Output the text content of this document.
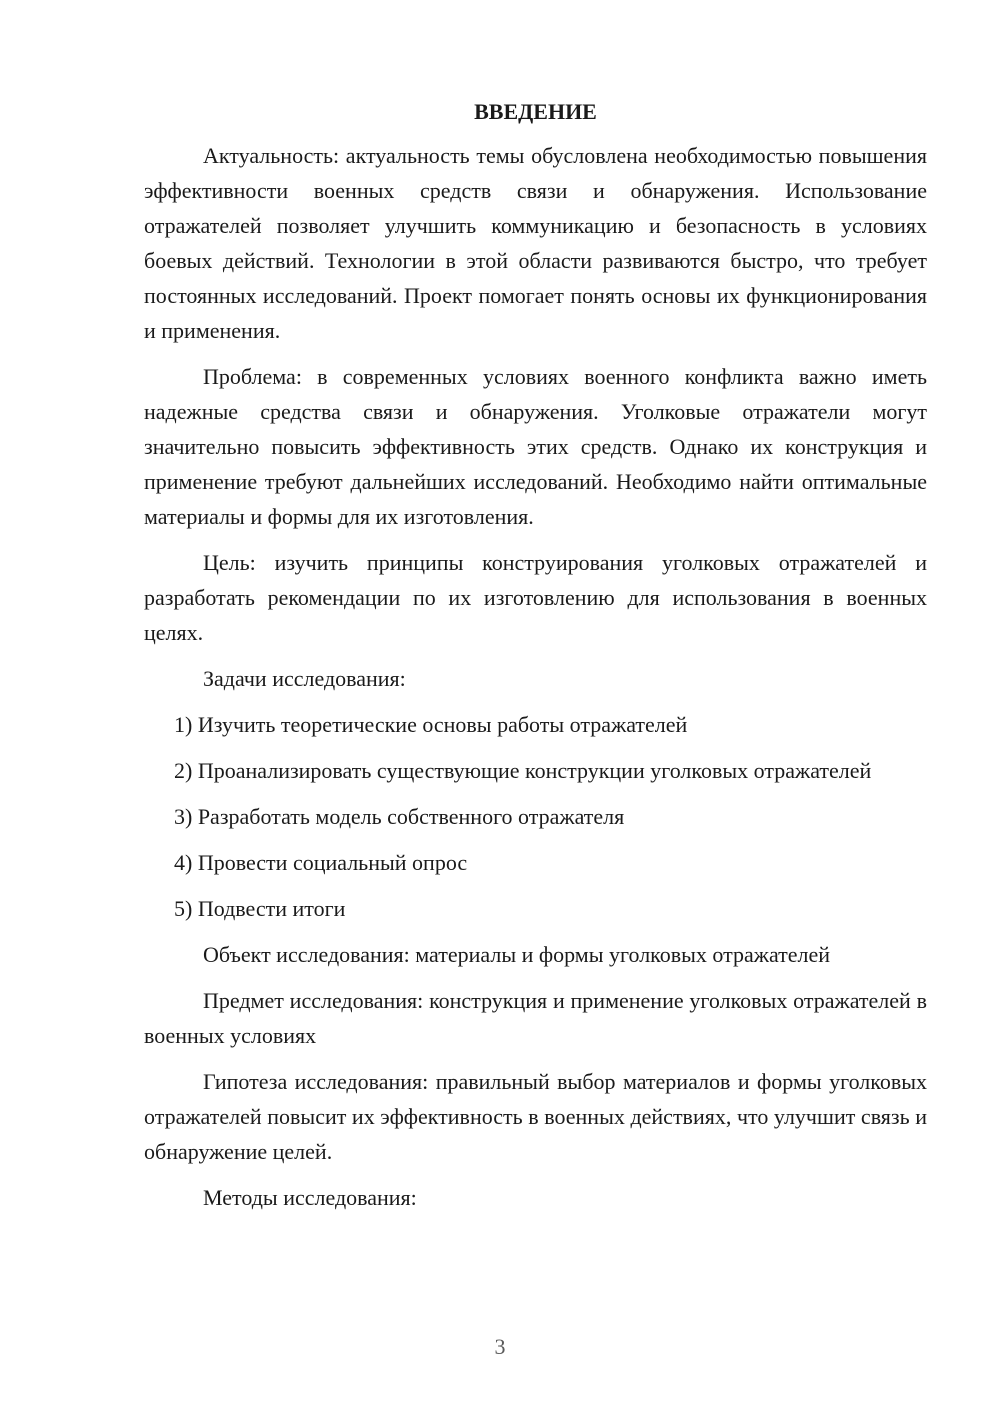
ВВЕДЕНИЕ

Актуальность: актуальность темы обусловлена необходимостью повышения эффективности военных средств связи и обнаружения. Использование отражателей позволяет улучшить коммуникацию и безопасность в условиях боевых действий. Технологии в этой области развиваются быстро, что требует постоянных исследований. Проект помогает понять основы их функционирования и применения.

Проблема: в современных условиях военного конфликта важно иметь надежные средства связи и обнаружения. Уголковые отражатели могут значительно повысить эффективность этих средств. Однако их конструкция и применение требуют дальнейших исследований. Необходимо найти оптимальные материалы и формы для их изготовления.

Цель: изучить принципы конструирования уголковых отражателей и разработать рекомендации по их изготовлению для использования в военных целях.

Задачи исследования:

1) Изучить теоретические основы работы отражателей

2) Проанализировать существующие конструкции уголковых отражателей

3) Разработать модель собственного отражателя

4) Провести социальный опрос

5) Подвести итоги

Объект исследования: материалы и формы уголковых отражателей

Предмет исследования: конструкция и применение уголковых отражателей в военных условиях

Гипотеза исследования: правильный выбор материалов и формы уголковых отражателей повысит их эффективность в военных действиях, что улучшит связь и обнаружение целей.

Методы исследования:

3
